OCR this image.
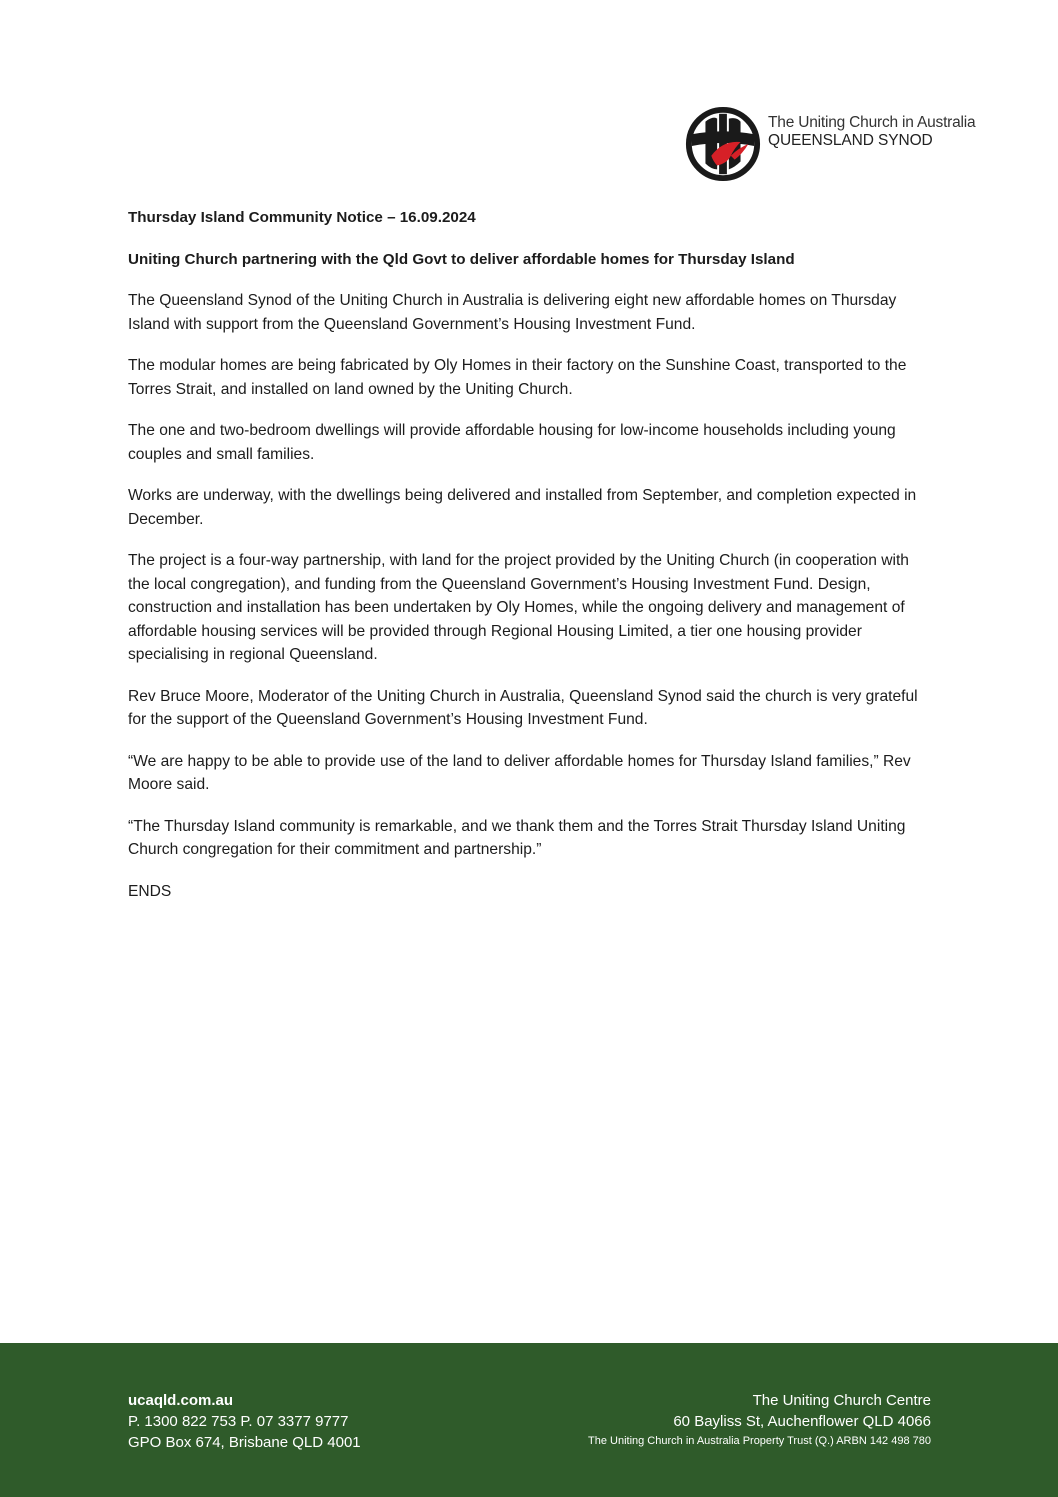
The Uniting Church in Australia
QUEENSLAND SYNOD

Thursday Island Community Notice – 16.09.2024

Uniting Church partnering with the Qld Govt to deliver affordable homes for Thursday Island

The Queensland Synod of the Uniting Church in Australia is delivering eight new affordable homes on Thursday Island with support from the Queensland Government’s Housing Investment Fund.

The modular homes are being fabricated by Oly Homes in their factory on the Sunshine Coast, transported to the Torres Strait, and installed on land owned by the Uniting Church.

The one and two-bedroom dwellings will provide affordable housing for low-income households including young couples and small families.

Works are underway, with the dwellings being delivered and installed from September, and completion expected in December.

The project is a four-way partnership, with land for the project provided by the Uniting Church (in cooperation with the local congregation), and funding from the Queensland Government’s Housing Investment Fund. Design, construction and installation has been undertaken by Oly Homes, while the ongoing delivery and management of affordable housing services will be provided through Regional Housing Limited, a tier one housing provider specialising in regional Queensland.

Rev Bruce Moore, Moderator of the Uniting Church in Australia, Queensland Synod said the church is very grateful for the support of the Queensland Government’s Housing Investment Fund.

“We are happy to be able to provide use of the land to deliver affordable homes for Thursday Island families,” Rev Moore said.

“The Thursday Island community is remarkable, and we thank them and the Torres Strait Thursday Island Uniting Church congregation for their commitment and partnership.”

ENDS

ucaqld.com.au
P. 1300 822 753 P. 07 3377 9777
GPO Box 674, Brisbane QLD 4001
The Uniting Church Centre
60 Bayliss St, Auchenflower QLD 4066
The Uniting Church in Australia Property Trust (Q.) ARBN 142 498 780
